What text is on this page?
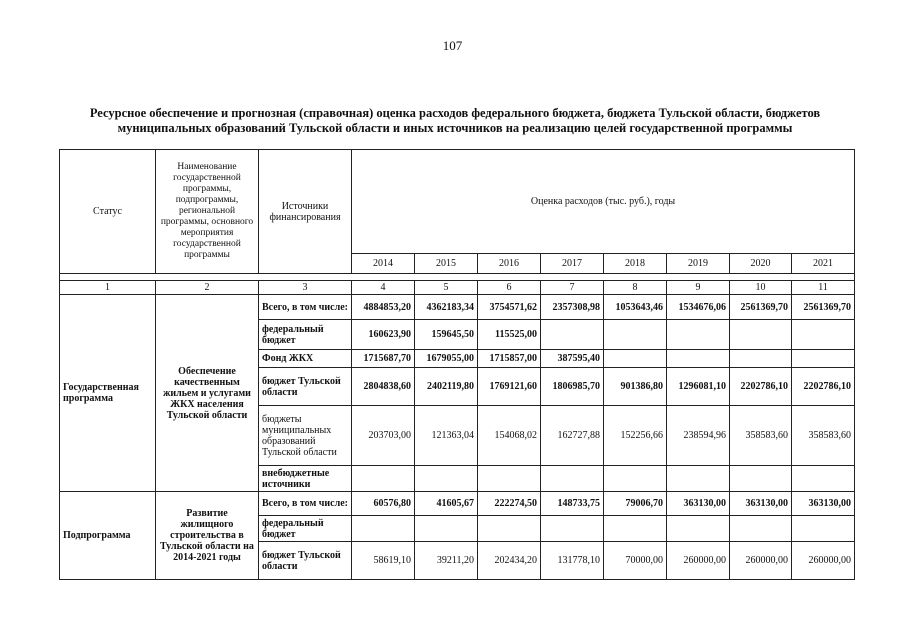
107
Ресурсное обеспечение и прогнозная (справочная) оценка расходов федерального бюджета, бюджета Тульской области, бюджетов
муниципальных образований Тульской области и иных источников на реализацию целей государственной программы
Статус	Наименование государственной программы, подпрограммы, региональной программы, основного мероприятия государственной программы	Источники финансирования	Оценка расходов (тыс. руб.), годы							
			2014	2015	2016	2017	2018	2019	2020	2021

1	2	3	4	5	6	7	8	9	10	11
Государственная программа	Обеспечение качественным жильем и услугами ЖКХ населения Тульской области	Всего, в том числе:	4884853,20	4362183,34	3754571,62	2357308,98	1053643,46	1534676,06	2561369,70	2561369,70
		федеральный бюджет	160623,90	159645,50	115525,00					
		Фонд ЖКХ	1715687,70	1679055,00	1715857,00	387595,40				
		бюджет Тульской области	2804838,60	2402119,80	1769121,60	1806985,70	901386,80	1296081,10	2202786,10	2202786,10
		бюджеты муниципальных образований Тульской области	203703,00	121363,04	154068,02	162727,88	152256,66	238594,96	358583,60	358583,60
		внебюджетные источники								
Подпрограмма	Развитие жилищного строительства в Тульской области на 2014-2021 годы	Всего, в том числе:	60576,80	41605,67	222274,50	148733,75	79006,70	363130,00	363130,00	363130,00
		федеральный бюджет								
		бюджет Тульской области	58619,10	39211,20	202434,20	131778,10	70000,00	260000,00	260000,00	260000,00
